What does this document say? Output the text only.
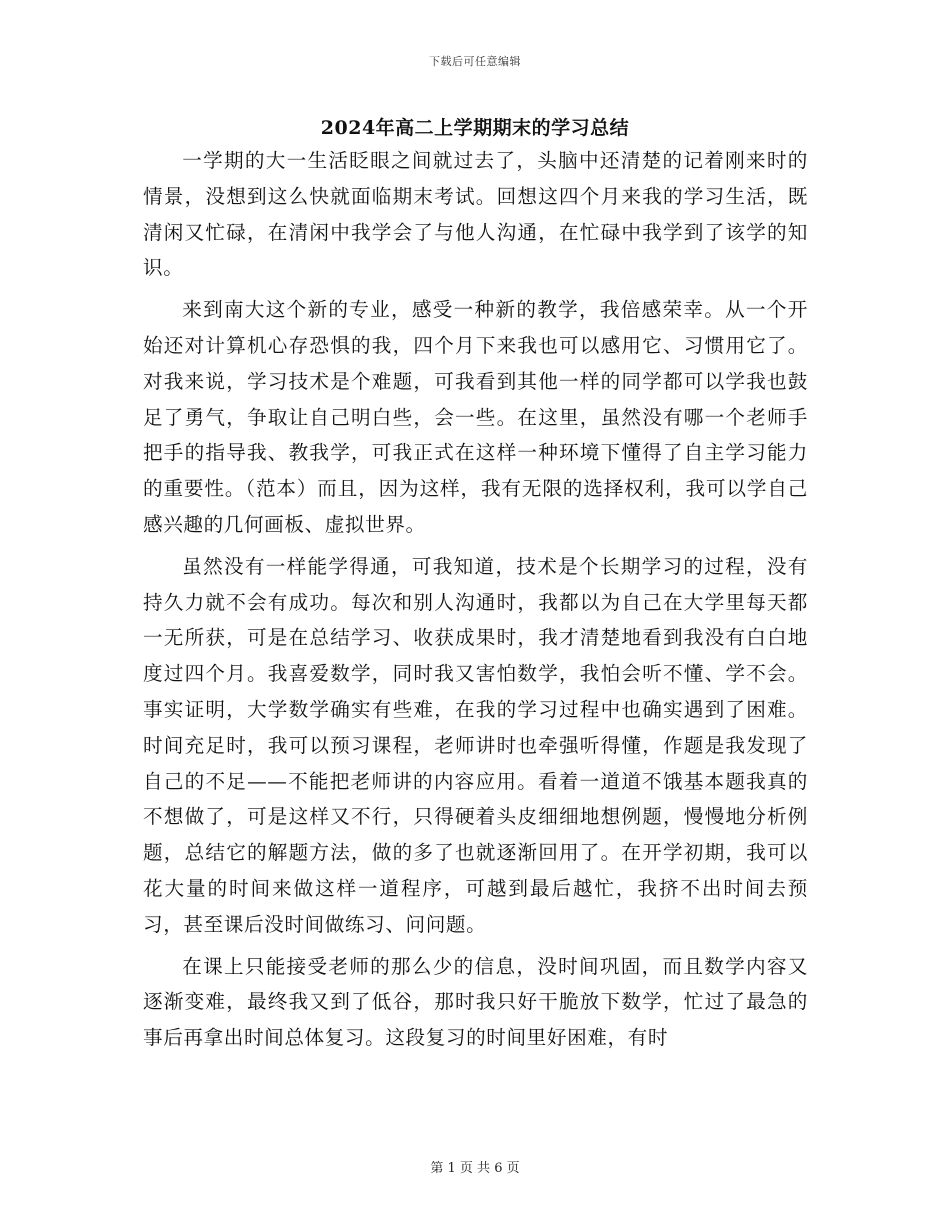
下载后可任意编辑
2024年高二上学期期末的学习总结

一学期的大一生活眨眼之间就过去了，头脑中还清楚的记着刚来时的情景，没想到这么快就面临期末考试。回想这四个月来我的学习生活，既清闲又忙碌，在清闲中我学会了与他人沟通，在忙碌中我学到了该学的知识。

来到南大这个新的专业，感受一种新的教学，我倍感荣幸。从一个开始还对计算机心存恐惧的我，四个月下来我也可以感用它、习惯用它了。对我来说，学习技术是个难题，可我看到其他一样的同学都可以学我也鼓足了勇气，争取让自己明白些，会一些。在这里，虽然没有哪一个老师手把手的指导我、教我学，可我正式在这样一种环境下懂得了自主学习能力的重要性。（范本）而且，因为这样，我有无限的选择权利，我可以学自己感兴趣的几何画板、虚拟世界。

虽然没有一样能学得通，可我知道，技术是个长期学习的过程，没有持久力就不会有成功。每次和别人沟通时，我都以为自己在大学里每天都一无所获，可是在总结学习、收获成果时，我才清楚地看到我没有白白地度过四个月。我喜爱数学，同时我又害怕数学，我怕会听不懂、学不会。事实证明，大学数学确实有些难，在我的学习过程中也确实遇到了困难。时间充足时，我可以预习课程，老师讲时也牵强听得懂，作题是我发现了自己的不足——不能把老师讲的内容应用。看着一道道不饿基本题我真的不想做了，可是这样又不行，只得硬着头皮细细地想例题，慢慢地分析例题，总结它的解题方法，做的多了也就逐渐回用了。在开学初期，我可以花大量的时间来做这样一道程序，可越到最后越忙，我挤不出时间去预习，甚至课后没时间做练习、问问题。

在课上只能接受老师的那么少的信息，没时间巩固，而且数学内容又逐渐变难，最终我又到了低谷，那时我只好干脆放下数学，忙过了最急的事后再拿出时间总体复习。这段复习的时间里好困难，有时

第 1 页 共 6 页
